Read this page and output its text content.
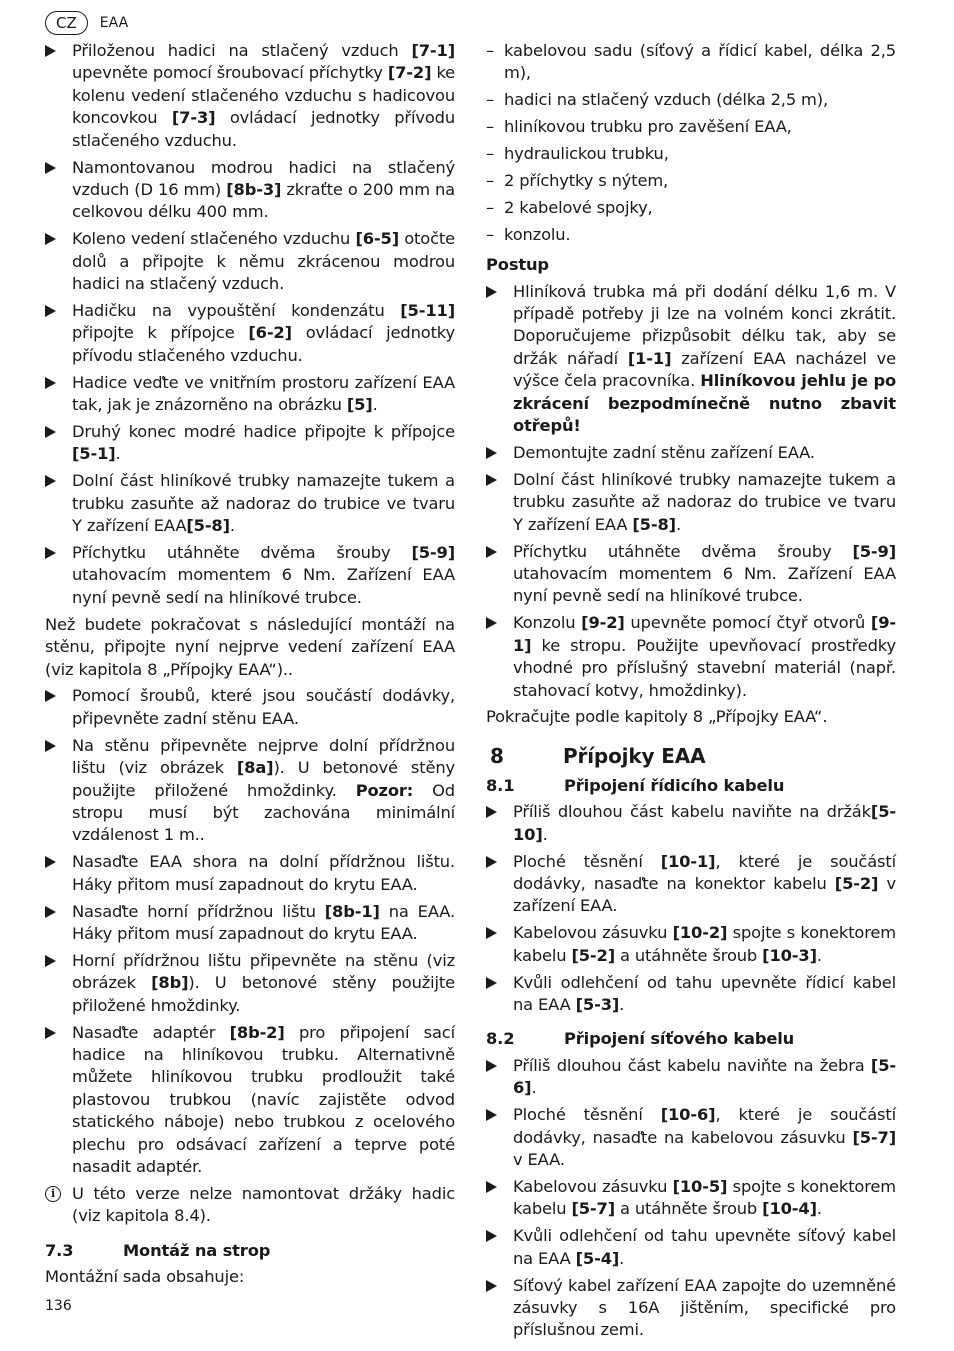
CZ	EAA
Přiloženou hadici na stlačený vzduch [7-1] upevněte pomocí šroubovací příchytky [7-2] ke kolenu vedení stlačeného vzduchu s hadicovou koncovkou [7-3] ovládací jednotky přívodu stlačeného vzduchu.
Namontovanou modrou hadici na stlačený vzduch (D 16 mm) [8b-3] zkraťte o 200 mm na celkovou délku 400 mm.
Koleno vedení stlačeného vzduchu [6-5] otočte dolů a připojte k němu zkrácenou modrou hadici na stlačený vzduch.
Hadičku na vypouštění kondenzátu [5-11] připojte k přípojce [6-2] ovládací jednotky přívodu stlačeného vzduchu.
Hadice veďte ve vnitřním prostoru zařízení EAA tak, jak je znázorněno na obrázku [5].
Druhý konec modré hadice připojte k přípojce [5-1].
Dolní část hliníkové trubky namazejte tukem a trubku zasuňte až nadoraz do trubice ve tvaru Y zařízení EAA[5-8].
Příchytku utáhněte dvěma šrouby [5-9] utahovacím momentem 6 Nm. Zařízení EAA nyní pevně sedí na hliníkové trubce.

Než budete pokračovat s následující montáží na stěnu, připojte nyní nejprve vedení zařízení EAA (viz kapitola 8 „Přípojky EAA“)..

Pomocí šroubů, které jsou součástí dodávky, připevněte zadní stěnu EAA.
Na stěnu připevněte nejprve dolní přídržnou lištu (viz obrázek [8a]). U betonové stěny použijte přiložené hmoždinky. Pozor: Od stropu musí být zachována minimální vzdálenost 1 m..
Nasaďte EAA shora na dolní přídržnou lištu. Háky přitom musí zapadnout do krytu EAA.
Nasaďte horní přídržnou lištu [8b-1] na EAA. Háky přitom musí zapadnout do krytu EAA.
Horní přídržnou lištu připevněte na stěnu (viz obrázek [8b]). U betonové stěny použijte přiložené hmoždinky.
Nasaďte adaptér [8b-2] pro připojení sací hadice na hliníkovou trubku. Alternativně můžete hliníkovou trubku prodloužit také plastovou trubkou (navíc zajistěte odvod statického náboje) nebo trubkou z ocelového plechu pro odsávací zařízení a teprve poté nasadit adaptér.
i	U této verze nelze namontovat držáky hadic (viz kapitola 8.4).
7.3	Montáž na strop

Montážní sada obsahuje:

– kabelovou sadu (síťový a řídicí kabel, délka 2,5 m),
– hadici na stlačený vzduch (délka 2,5 m),
– hliníkovou trubku pro zavěšení EAA,
– hydraulickou trubku,
– 2 příchytky s nýtem,
– 2 kabelové spojky,
– konzolu.
Postup
Hliníková trubka má při dodání délku 1,6 m. V případě potřeby ji lze na volném konci zkrátit. Doporučujeme přizpůsobit délku tak, aby se držák nářadí [1-1] zařízení EAA nacházel ve výšce čela pracovníka. Hliníkovou jehlu je po zkrácení bezpodmínečně nutno zbavit otřepů!
Demontujte zadní stěnu zařízení EAA.
Dolní část hliníkové trubky namazejte tukem a trubku zasuňte až nadoraz do trubice ve tvaru Y zařízení EAA [5-8].
Příchytku utáhněte dvěma šrouby [5-9] utahovacím momentem 6 Nm. Zařízení EAA nyní pevně sedí na hliníkové trubce.
Konzolu [9-2] upevněte pomocí čtyř otvorů [9-1] ke stropu. Použijte upevňovací prostředky vhodné pro příslušný stavební materiál (např. stahovací kotvy, hmoždinky).

Pokračujte podle kapitoly 8 „Přípojky EAA“.

8	Přípojky EAA
8.1	Připojení řídicího kabelu
Příliš dlouhou část kabelu naviňte na držák[5-10].
Ploché těsnění [10-1], které je součástí dodávky, nasaďte na konektor kabelu [5-2] v zařízení EAA.
Kabelovou zásuvku [10-2] spojte s konektorem kabelu [5-2] a utáhněte šroub [10-3].
Kvůli odlehčení od tahu upevněte řídicí kabel na EAA [5-3].
8.2	Připojení síťového kabelu
Příliš dlouhou část kabelu naviňte na žebra [5-6].
Ploché těsnění [10-6], které je součástí dodávky, nasaďte na kabelovou zásuvku [5-7] v EAA.
Kabelovou zásuvku [10-5] spojte s konektorem kabelu [5-7] a utáhněte šroub [10-4].
Kvůli odlehčení od tahu upevněte síťový kabel na EAA [5-4].
Síťový kabel zařízení EAA zapojte do uzemněné zásuvky s 16A jištěním, specifické pro příslušnou zemi.
136
